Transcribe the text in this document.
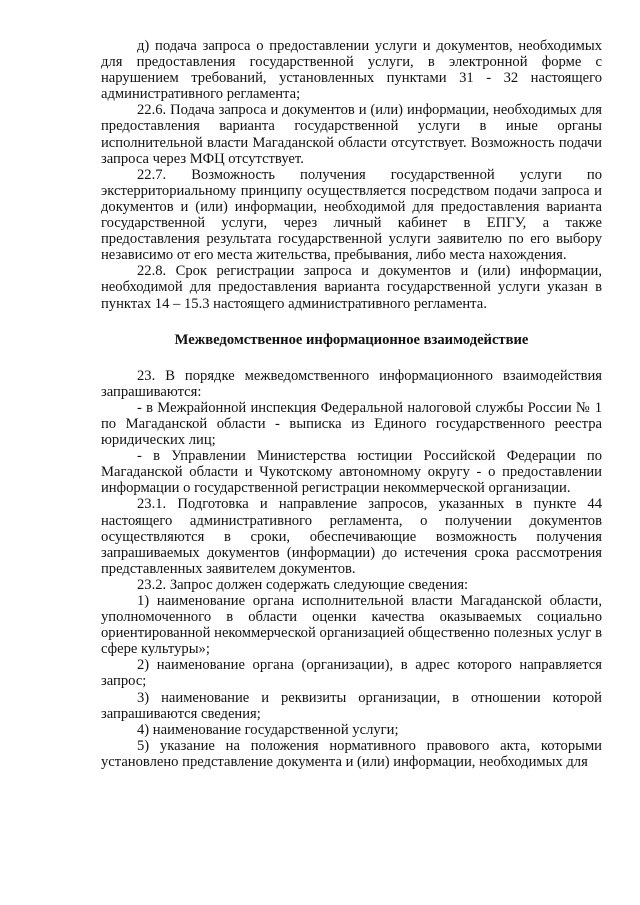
д) подача запроса о предоставлении услуги и документов, необходимых для предоставления государственной услуги, в электронной форме с нарушением требований, установленных пунктами 31 - 32 настоящего административного регламента;

22.6. Подача запроса и документов и (или) информации, необходимых для предоставления варианта государственной услуги в иные органы исполнительной власти Магаданской области отсутствует. Возможность подачи запроса через МФЦ отсутствует.

22.7. Возможность получения государственной услуги по экстерриториальному принципу осуществляется посредством подачи запроса и документов и (или) информации, необходимой для предоставления варианта государственной услуги, через личный кабинет в ЕПГУ, а также предоставления результата государственной услуги заявителю по его выбору независимо от его места жительства, пребывания, либо места нахождения.

22.8. Срок регистрации запроса и документов и (или) информации, необходимой для предоставления варианта государственной услуги указан в пунктах 14 – 15.3 настоящего административного регламента.

Межведомственное информационное взаимодействие

23. В порядке межведомственного информационного взаимодействия запрашиваются:

- в Межрайонной инспекция Федеральной налоговой службы России № 1 по Магаданской области - выписка из Единого государственного реестра юридических лиц;

- в Управлении Министерства юстиции Российской Федерации по Магаданской области и Чукотскому автономному округу - о предоставлении информации о государственной регистрации некоммерческой организации.

23.1. Подготовка и направление запросов, указанных в пункте 44 настоящего административного регламента, о получении документов осуществляются в сроки, обеспечивающие возможность получения запрашиваемых документов (информации) до истечения срока рассмотрения представленных заявителем документов.

23.2. Запрос должен содержать следующие сведения:

1) наименование органа исполнительной власти Магаданской области, уполномоченного в области оценки качества оказываемых социально ориентированной некоммерческой организацией общественно полезных услуг в сфере культуры»;

2) наименование органа (организации), в адрес которого направляется запрос;

3) наименование и реквизиты организации, в отношении которой запрашиваются сведения;

4) наименование государственной услуги;

5) указание на положения нормативного правового акта, которыми установлено представление документа и (или) информации, необходимых для
